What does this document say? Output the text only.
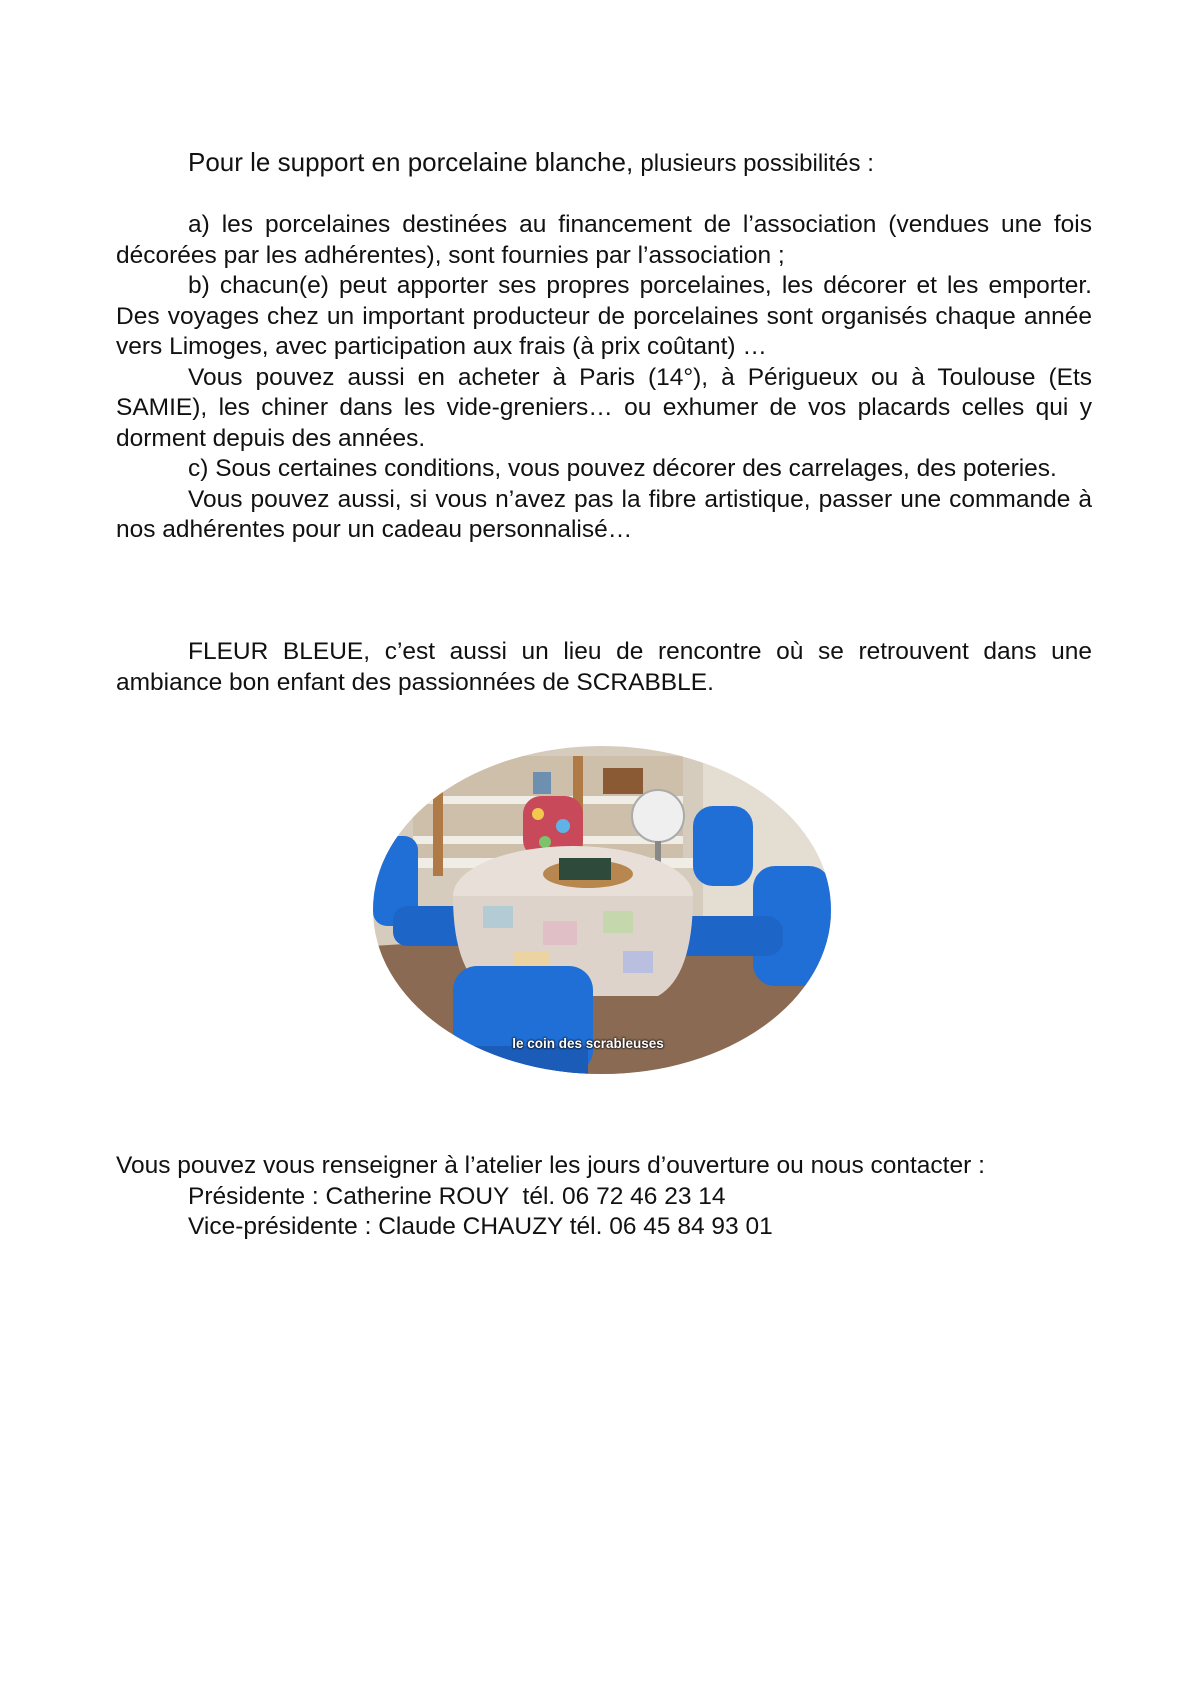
Pour le support en porcelaine blanche, plusieurs possibilités :

a) les porcelaines destinées au financement de l’association (vendues une fois décorées par les adhérentes), sont fournies par l’association ;

b) chacun(e) peut apporter ses propres porcelaines, les décorer et les emporter. Des voyages chez un important producteur de porcelaines sont organisés chaque année vers Limoges, avec participation aux frais (à prix coûtant) …

Vous pouvez aussi en acheter à Paris (14°), à Périgueux ou à Toulouse (Ets SAMIE), les chiner dans les vide-greniers… ou exhumer de vos placards celles qui y dorment depuis des années.

c) Sous certaines conditions, vous pouvez décorer des carrelages, des poteries.

Vous pouvez aussi, si vous n’avez pas la fibre artistique, passer une commande à nos adhérentes pour un cadeau personnalisé…

FLEUR BLEUE, c’est aussi un lieu de rencontre où se retrouvent dans une ambiance bon enfant des passionnées de SCRABBLE.

le coin des scrableuses
Vous pouvez vous renseigner à l’atelier les jours d’ouverture ou nous contacter :
Présidente : Catherine ROUY  tél. 06 72 46 23 14
Vice-présidente : Claude CHAUZY tél. 06 45 84 93 01
